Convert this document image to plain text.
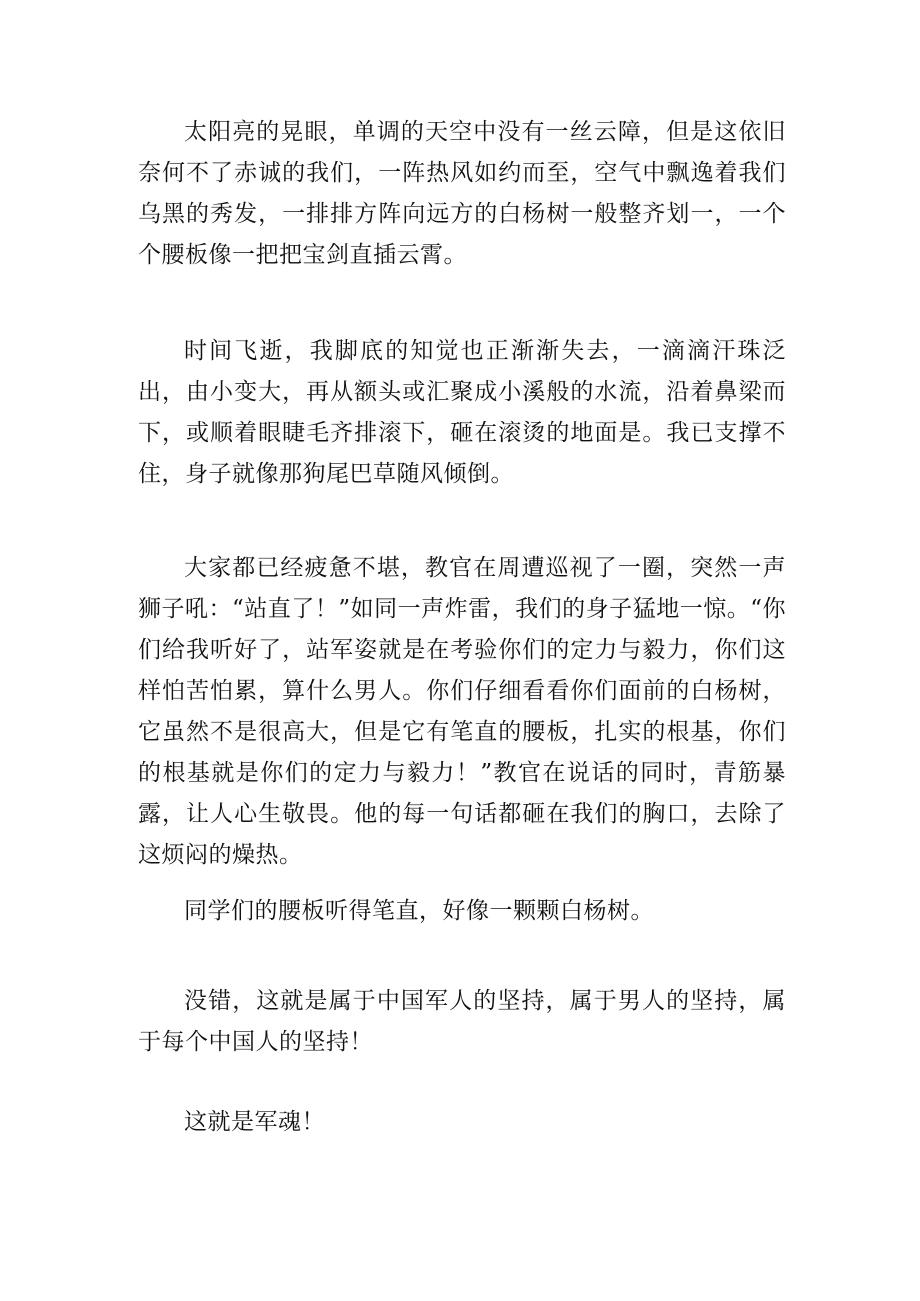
太阳亮的晃眼，单调的天空中没有一丝云障，但是这依旧奈何不了赤诚的我们，一阵热风如约而至，空气中飘逸着我们乌黑的秀发，一排排方阵向远方的白杨树一般整齐划一，一个个腰板像一把把宝剑直插云霄。

时间飞逝，我脚底的知觉也正渐渐失去，一滴滴汗珠泛出，由小变大，再从额头或汇聚成小溪般的水流，沿着鼻梁而下，或顺着眼睫毛齐排滚下，砸在滚烫的地面是。我已支撑不住，身子就像那狗尾巴草随风倾倒。

大家都已经疲惫不堪，教官在周遭巡视了一圈，突然一声狮子吼：“站直了！”如同一声炸雷，我们的身子猛地一惊。“你们给我听好了，站军姿就是在考验你们的定力与毅力，你们这样怕苦怕累，算什么男人。你们仔细看看你们面前的白杨树，它虽然不是很高大，但是它有笔直的腰板，扎实的根基，你们的根基就是你们的定力与毅力！”教官在说话的同时，青筋暴露，让人心生敬畏。他的每一句话都砸在我们的胸口，去除了这烦闷的燥热。

同学们的腰板听得笔直，好像一颗颗白杨树。

没错，这就是属于中国军人的坚持，属于男人的坚持，属于每个中国人的坚持！

这就是军魂！
